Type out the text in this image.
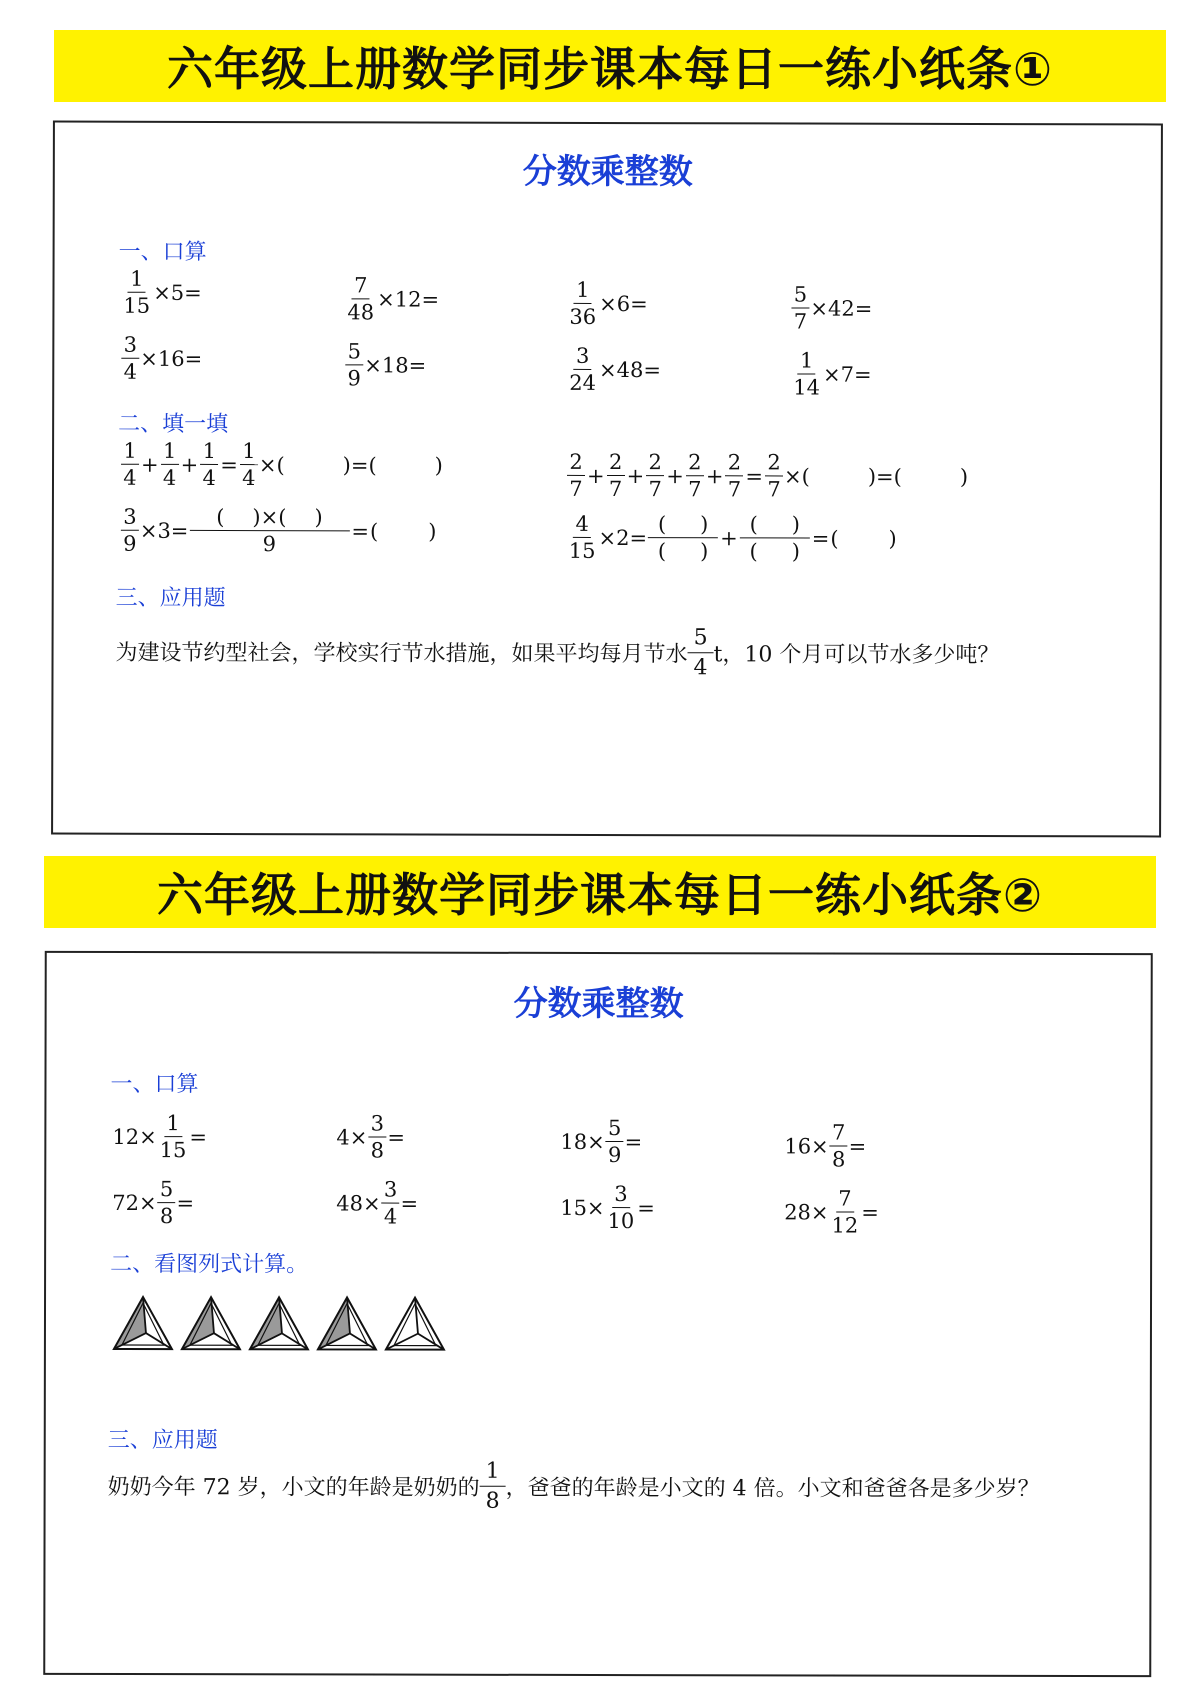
六年级上册数学同步课本每日一练小纸条①
分数乘整数
一、口算
$\frac{1}{15} \times 5=$	$\frac{7}{48} \times 12=$	$\frac{1}{36} \times 6=$	$\frac{5}{7} \times 42=$
$\frac{3}{4} \times 16=$	$\frac{5}{9} \times 18=$	$\frac{3}{24} \times 48=$	$\frac{1}{14} \times 7=$
二、填一填
$\frac{1}{4} + \frac{1}{4} + \frac{1}{4} = \frac{1}{4}$ × (	) = (	)	$\frac{2}{7} + \frac{2}{7} + \frac{2}{7} + \frac{2}{7} + \frac{2}{7} = \frac{2}{7}$ × (	) = (	)
$\frac{3}{9} \times 3= \frac{( )\times( )}{9}$ = ( )	$\frac{4}{15} \times 2= \frac{( )}{( )} + \frac{( )}{( )}$ = ( )
三、应用题
为建设节约型社会，学校实行节水措施，如果平均每月节水
5
4 t，10 个月可以节水多少吨？
六年级上册数学同步课本每日一练小纸条②
分数乘整数
一、口算
$12\times \frac{1}{15}$ =	$4\times \frac{3}{8}$ =	$18\times \frac{5}{9}$ =	$16\times \frac{7}{8}$ =
$72\times \frac{5}{8}$ =	$48\times \frac{3}{4}$ =	$15\times \frac{3}{10}$ =	$28\times \frac{7}{12}$ =
二、看图列式计算。
三、应用题
奶奶今年 72 岁，小文的年龄是奶奶的
1
8 ，爸爸的年龄是小文的 4 倍。小文和爸爸各是多少岁？
